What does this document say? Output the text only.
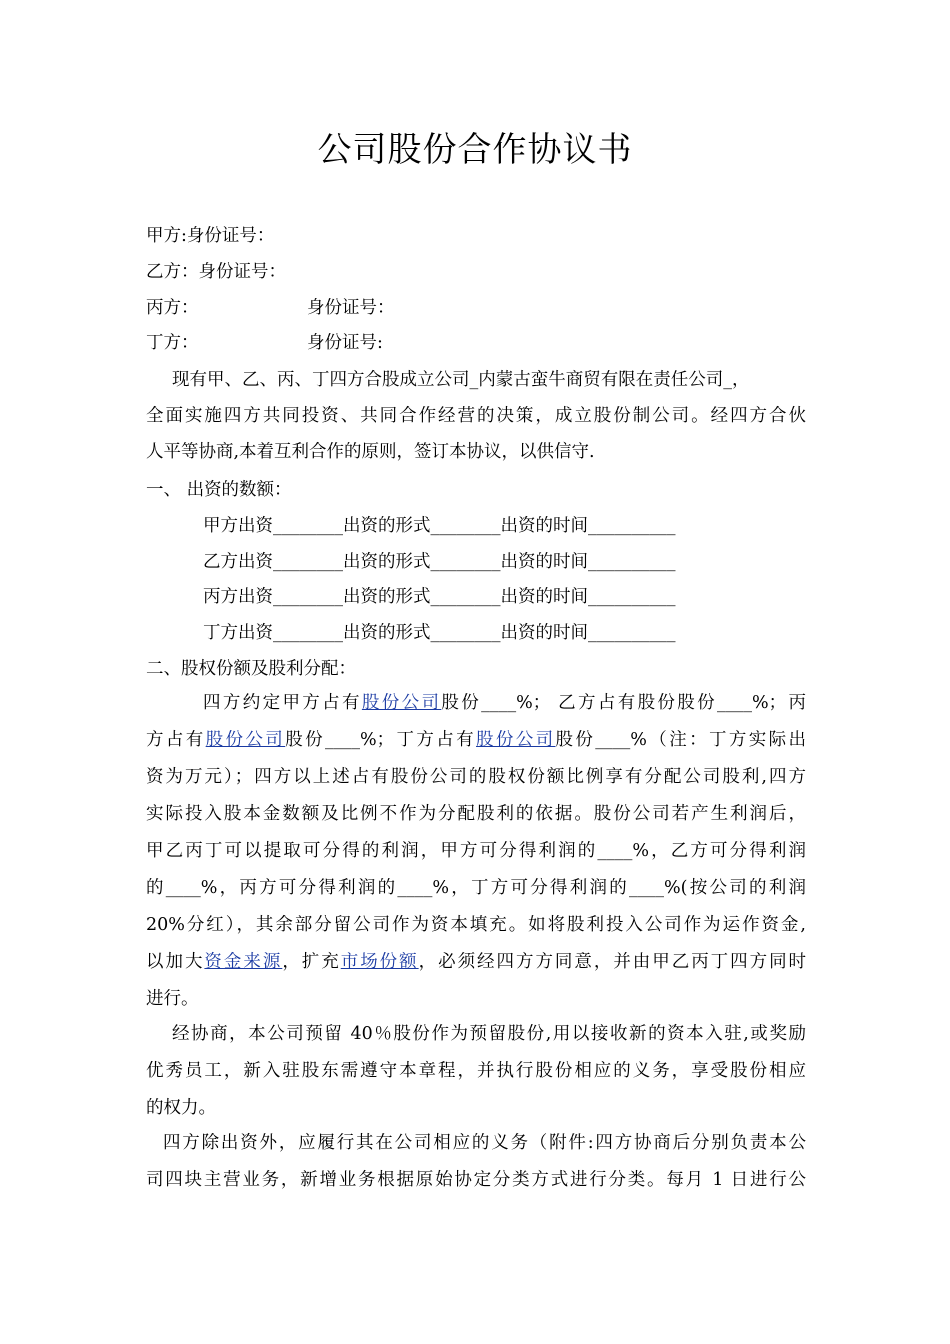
公司股份合作协议书
甲方:身份证号：
乙方：身份证号：
丙方：	身份证号：
丁方：	身份证号:
现有甲、乙、丙、丁四方合股成立公司_内蒙古蛮牛商贸有限在责任公司_，
全面实施四方共同投资、共同合作经营的决策，成立股份制公司。经四方合伙
人平等协商,本着互利合作的原则，签订本协议，以供信守.
一、 出资的数额：
甲方出资________出资的形式________出资的时间__________
乙方出资________出资的形式________出资的时间__________
丙方出资________出资的形式________出资的时间__________
丁方出资________出资的形式________出资的时间__________
二、股权份额及股利分配：
四方约定甲方占有股份公司股份____%； 乙方占有股份股份____%；丙
方占有股份公司股份____%；丁方占有股份公司股份____%（注：丁方实际出
资为万元）；四方以上述占有股份公司的股权份额比例享有分配公司股利,四方
实际投入股本金数额及比例不作为分配股利的依据。股份公司若产生利润后，
甲乙丙丁可以提取可分得的利润，甲方可分得利润的____%，乙方可分得利润
的____%，丙方可分得利润的____%，丁方可分得利润的____%(按公司的利润
20%分红），其余部分留公司作为资本填充。如将股利投入公司作为运作资金,
以加大资金来源，扩充市场份额，必须经四方方同意，并由甲乙丙丁四方同时
进行。
经协商，本公司预留 40％股份作为预留股份,用以接收新的资本入驻,或奖励
优秀员工，新入驻股东需遵守本章程，并执行股份相应的义务，享受股份相应
的权力。
四方除出资外，应履行其在公司相应的义务（附件:四方协商后分别负责本公
司四块主营业务，新增业务根据原始协定分类方式进行分类。每月 1 日进行公
